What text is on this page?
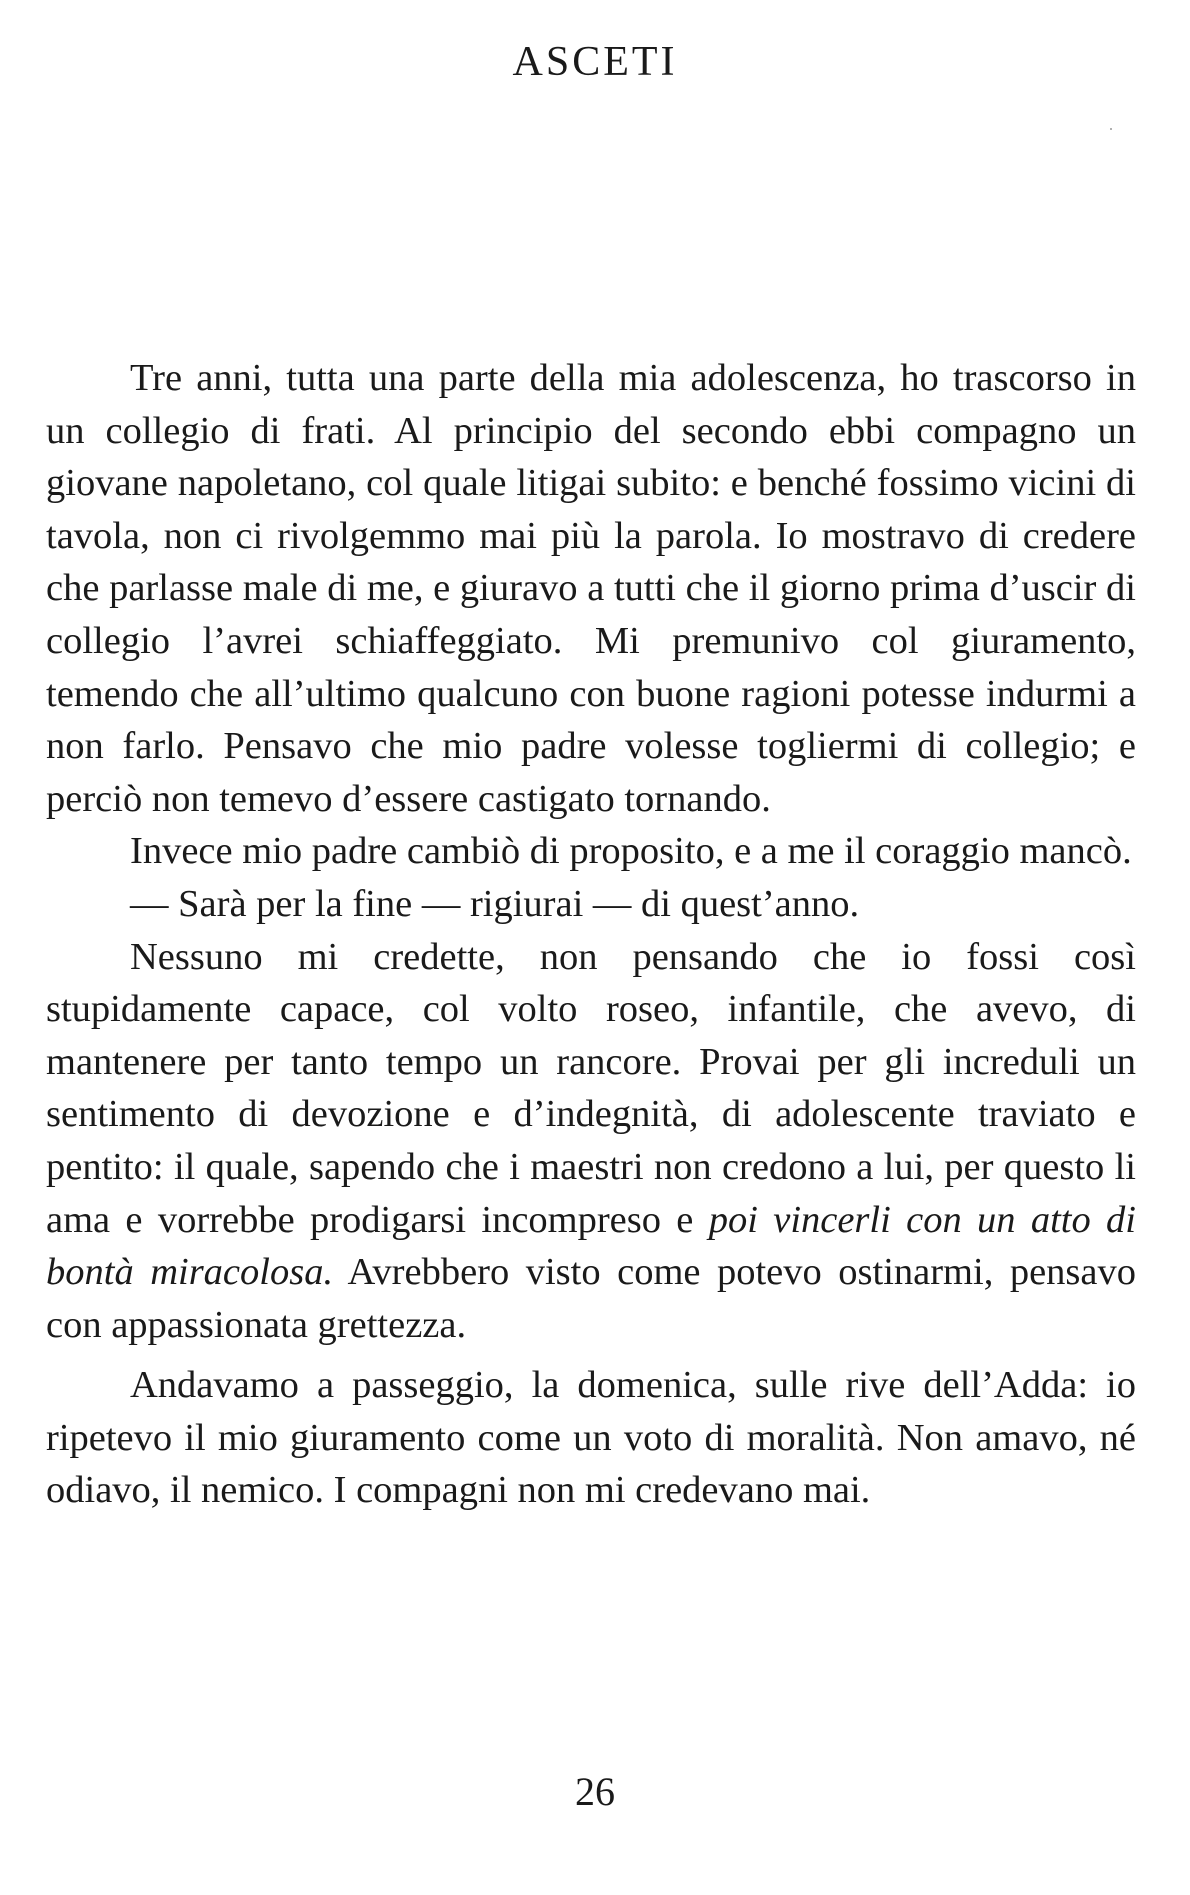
ASCETI

Tre anni, tutta una parte della mia adolescenza, ho trascorso in un collegio di frati. Al principio del secondo ebbi compagno un giovane napoletano, col quale litigai subito: e benché fossimo vicini di tavola, non ci rivolgemmo mai più la parola. Io mostravo di credere che parlasse male di me, e giuravo a tutti che il giorno prima d’uscir di collegio l’avrei schiaffeggiato. Mi premunivo col giuramento, temendo che all’ultimo qualcuno con buone ragioni potesse indurmi a non farlo. Pensavo che mio padre volesse togliermi di collegio; e perciò non temevo d’essere castigato tornando.

Invece mio padre cambiò di proposito, e a me il coraggio mancò.

— Sarà per la fine — rigiurai — di quest’anno.

Nessuno mi credette, non pensando che io fossi così stupidamente capace, col volto roseo, infantile, che avevo, di mantenere per tanto tempo un rancore. Provai per gli increduli un sentimento di devozione e d’indegnità, di adolescente traviato e pentito: il quale, sapendo che i maestri non credono a lui, per questo li ama e vorrebbe prodigarsi incompreso e poi vincerli con un atto di bontà miracolosa. Avrebbero visto come potevo ostinarmi, pensavo con appassionata grettezza.

Andavamo a passeggio, la domenica, sulle rive dell’Adda: io ripetevo il mio giuramento come un voto di moralità. Non amavo, né odiavo, il nemico. I compagni non mi credevano mai.

26
